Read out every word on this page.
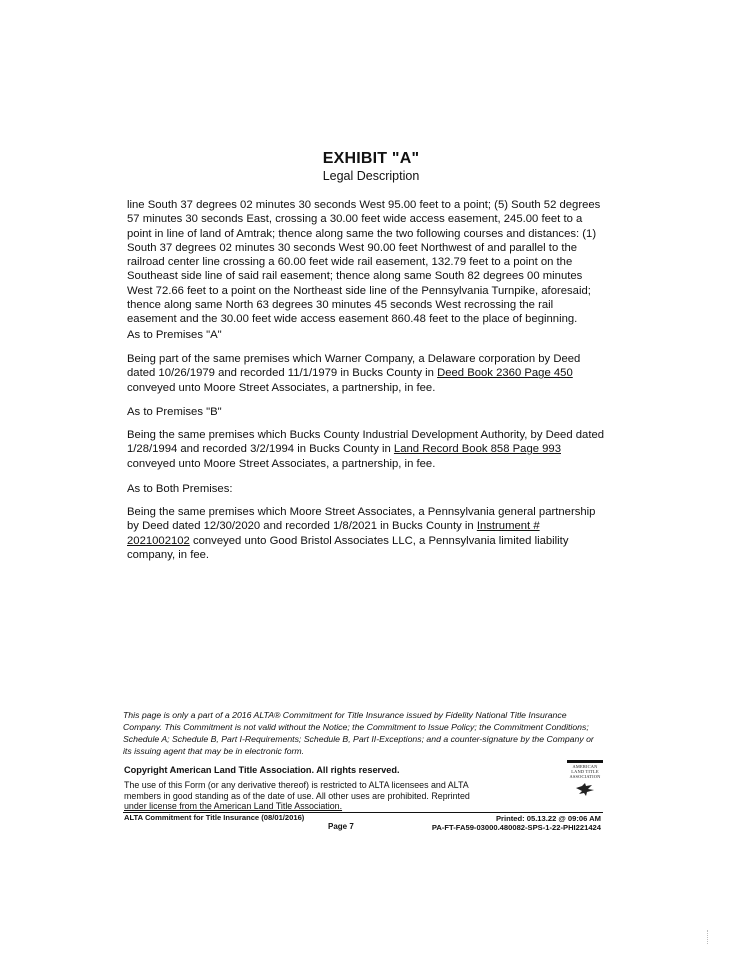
EXHIBIT "A"
Legal Description

line South 37 degrees 02 minutes 30 seconds West 95.00 feet to a point; (5) South 52 degrees 57 minutes 30 seconds East, crossing a 30.00 feet wide access easement, 245.00 feet to a point in line of land of Amtrak; thence along same the two following courses and distances: (1) South 37 degrees 02 minutes 30 seconds West 90.00 feet Northwest of and parallel to the railroad center line crossing a 60.00 feet wide rail easement, 132.79 feet to a point on the Southeast side line of said rail easement; thence along same South 82 degrees 00 minutes West 72.66 feet to a point on the Northeast side line of the Pennsylvania Turnpike, aforesaid; thence along same North 63 degrees 30 minutes 45 seconds West recrossing the rail easement and the 30.00 feet wide access easement 860.48 feet to the place of beginning.

As to Premises "A"
Being part of the same premises which Warner Company, a Delaware corporation by Deed dated 10/26/1979 and recorded 11/1/1979 in Bucks County in Deed Book 2360 Page 450 conveyed unto Moore Street Associates, a partnership, in fee.
As to Premises "B"
Being the same premises which Bucks County Industrial Development Authority, by Deed dated 1/28/1994 and recorded 3/2/1994 in Bucks County in Land Record Book 858 Page 993 conveyed unto Moore Street Associates, a partnership, in fee.
As to Both Premises:
Being the same premises which Moore Street Associates, a Pennsylvania general partnership by Deed dated 12/30/2020 and recorded 1/8/2021 in Bucks County in Instrument # 2021002102 conveyed unto Good Bristol Associates LLC, a Pennsylvania limited liability company, in fee.
This page is only a part of a 2016 ALTA® Commitment for Title Insurance issued by Fidelity National Title Insurance Company. This Commitment is not valid without the Notice; the Commitment to Issue Policy; the Commitment Conditions; Schedule A; Schedule B, Part I-Requirements; Schedule B, Part II-Exceptions; and a counter-signature by the Company or its issuing agent that may be in electronic form.
Copyright American Land Title Association. All rights reserved.
The use of this Form (or any derivative thereof) is restricted to ALTA licensees and ALTA members in good standing as of the date of use. All other uses are prohibited. Reprinted
under license from the American Land Title Association.
AMERICAN
LAND TITLE
ASSOCIATION
ALTA Commitment for Title Insurance (08/01/2016)
Page 7
Printed: 05.13.22 @ 09:06 AM
PA-FT-FA59-03000.480082-SPS-1-22-PHI221424
